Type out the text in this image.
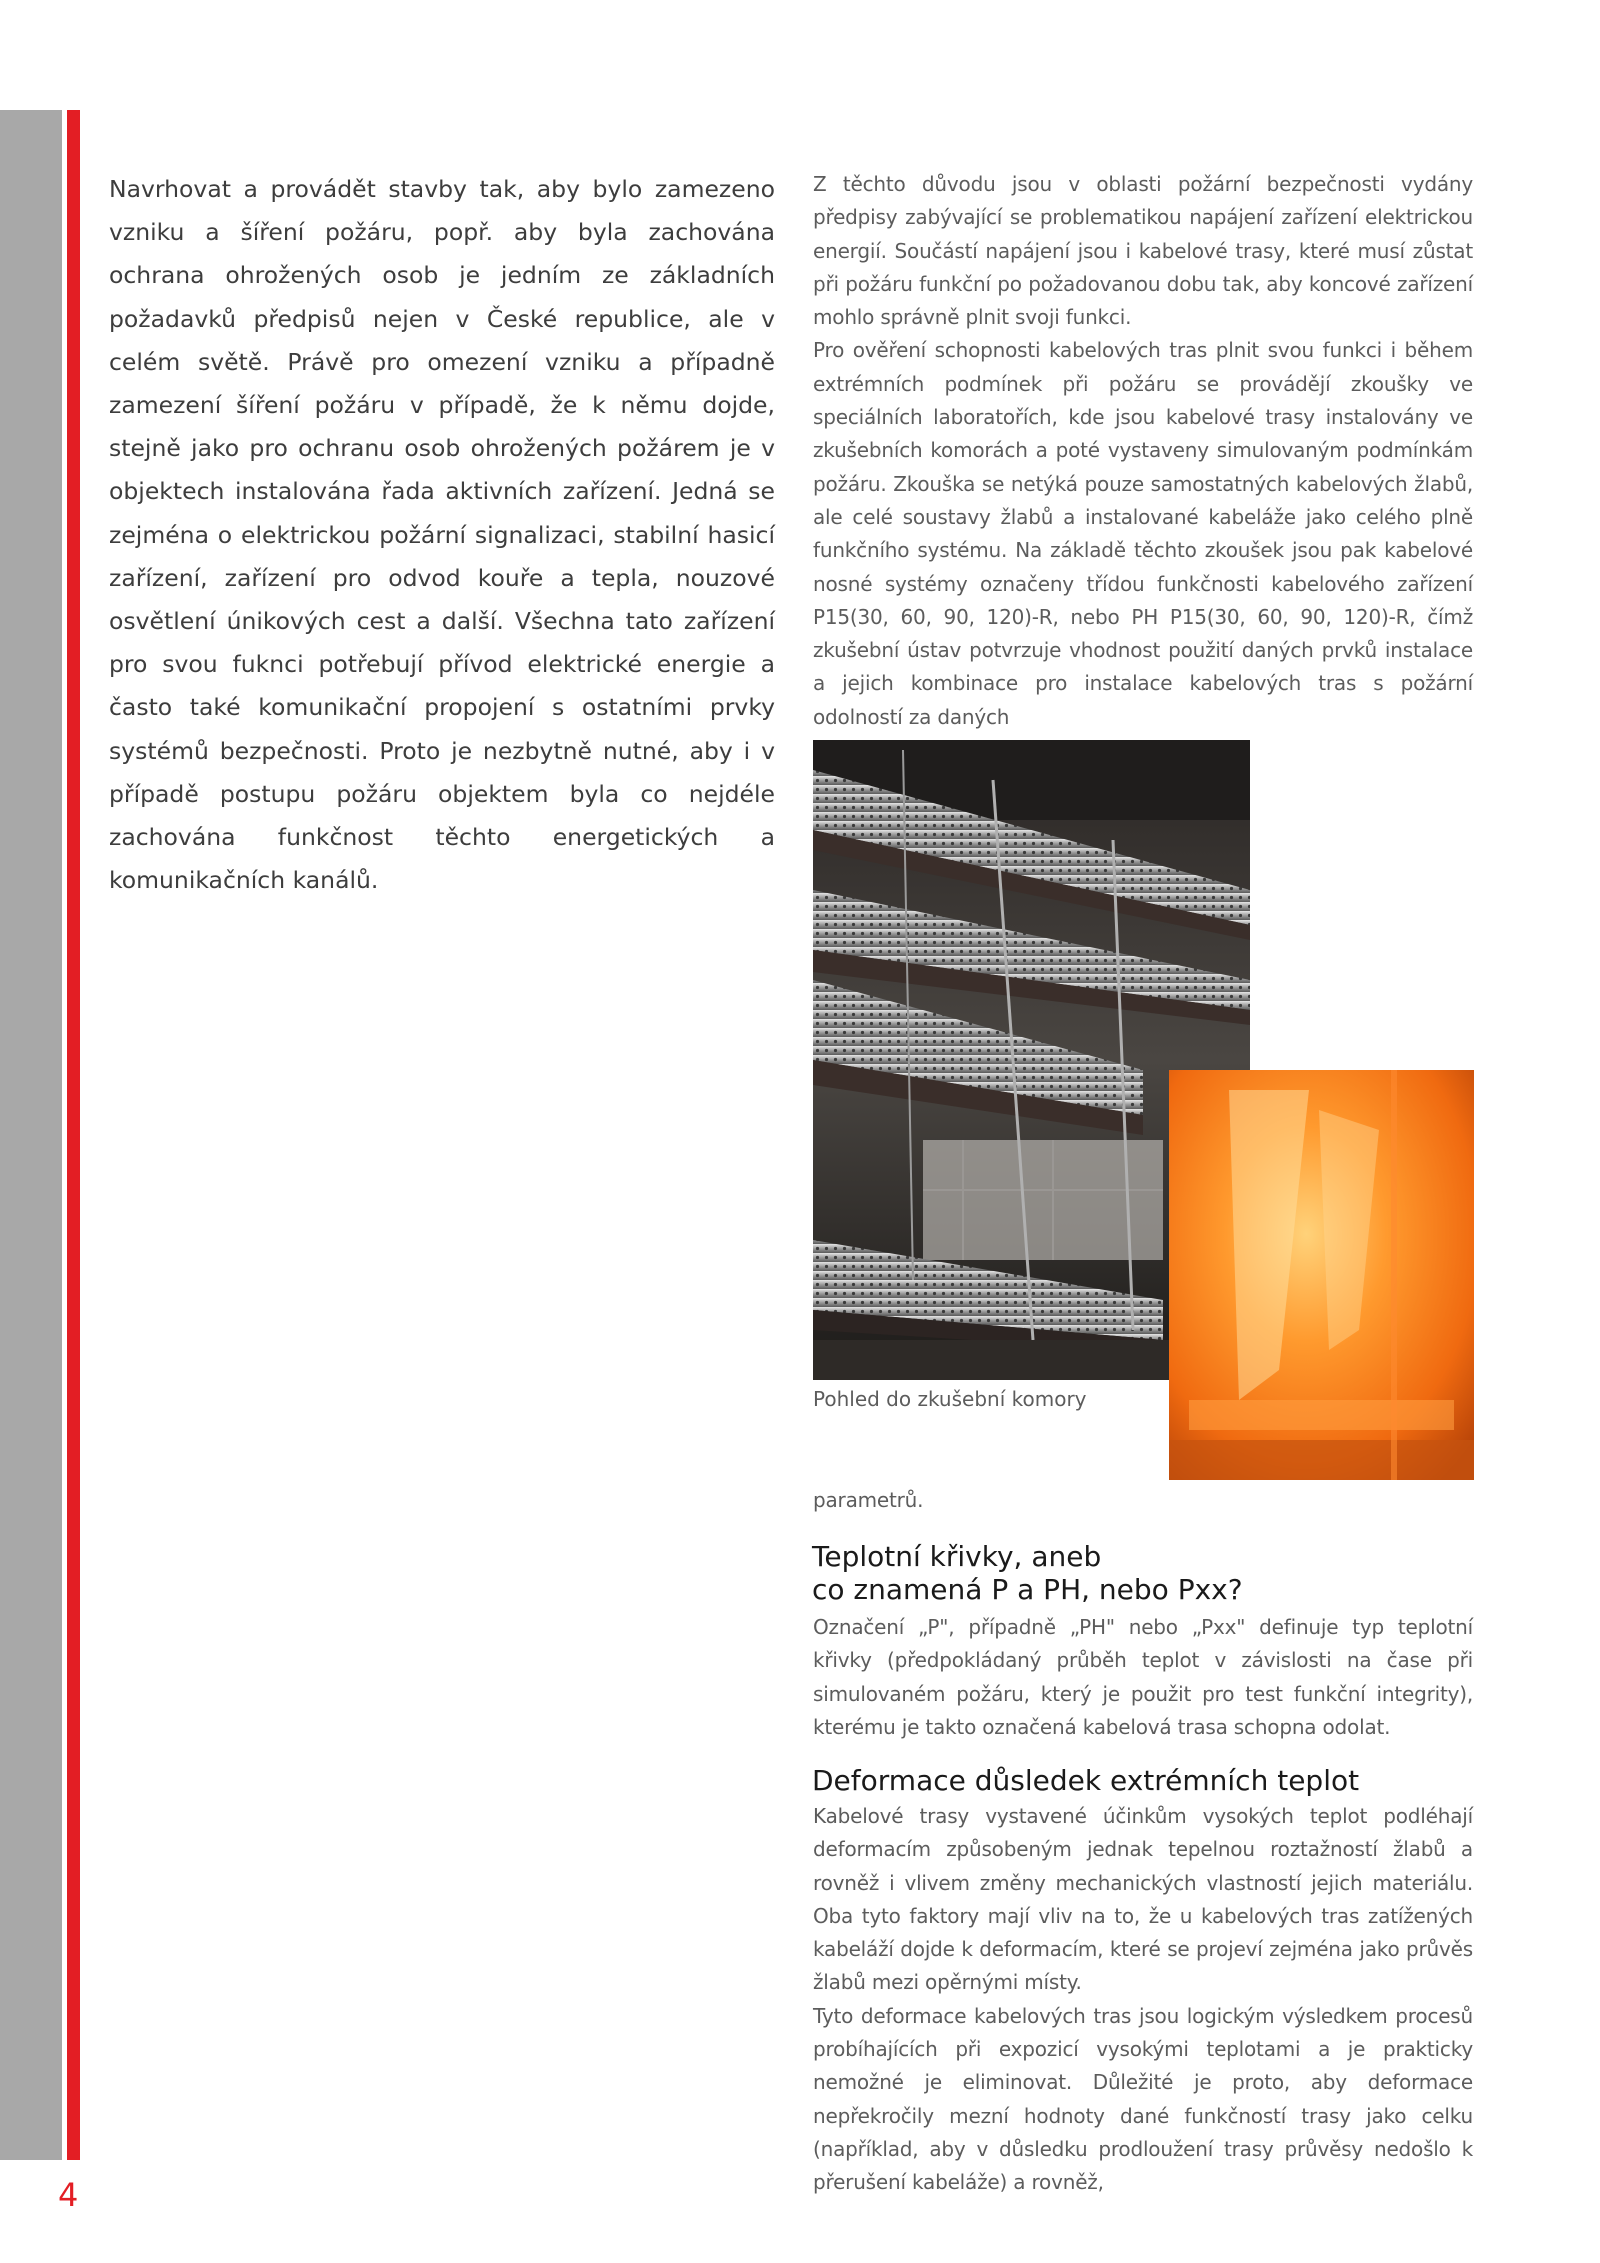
Navrhovat a provádět stavby tak, aby bylo zamezeno vzniku a šíření požáru, popř. aby byla zachována ochrana ohrožených osob je jedním ze základních požadavků předpisů nejen v České republice, ale v celém světě. Právě pro omezení vzniku a případně zamezení šíření požáru v případě, že k němu dojde, stejně jako pro ochranu osob ohrožených požárem je v objektech instalována řada aktivních zařízení. Jedná se zejména o elektrickou požární signalizaci, stabilní hasicí zařízení, zařízení pro odvod kouře a tepla, nouzové osvětlení únikových cest a další. Všechna tato zařízení pro svou fuknci potřebují přívod elektrické energie a často také komunikační propojení s ostatními prvky systémů bezpečnosti. Proto je nezbytně nutné, aby i v případě postupu požáru objektem byla co nejdéle zachována funkčnost těchto energetických a komunikačních kanálů.

Z těchto důvodu jsou v oblasti požární bezpečnosti vydány předpisy zabývající se problematikou napájení zařízení elektrickou energií. Součástí napájení jsou i kabelové trasy, které musí zůstat při požáru funkční po požadovanou dobu tak, aby koncové zařízení mohlo správně plnit svoji funkci.

Pro ověření schopnosti kabelových tras plnit svou funkci i během extrémních podmínek při požáru se provádějí zkoušky ve speciálních laboratořích, kde jsou kabelové trasy instalovány ve zkušebních komorách a poté vystaveny simulovaným podmínkám požáru. Zkouška se netýká pouze samostatných kabelových žlabů, ale celé soustavy žlabů a instalované kabeláže jako celého plně funkčního systému. Na základě těchto zkoušek jsou pak kabelové nosné systémy označeny třídou funkčnosti kabelového zařízení P15(30, 60, 90, 120)-R, nebo PH P15(30, 60, 90, 120)-R, čímž zkušební ústav potvrzuje vhodnost použití daných prvků instalace a jejich kombinace pro instalace kabelových tras s požární odolností za daných

Pohled do zkušební komory

parametrů.

Teplotní křivky, aneb
co znamená P a PH, nebo Pxx?

Označení „P", případně „PH" nebo „Pxx" definuje typ teplotní křivky (předpokládaný průběh teplot v závislosti na čase při simulovaném požáru, který je použit pro test funkční integrity), kterému je takto označená kabelová trasa schopna odolat.

Deformace důsledek extrémních teplot

Kabelové trasy vystavené účinkům vysokých teplot podléhají deformacím způsobeným jednak tepelnou roztažností žlabů a rovněž i vlivem změny mechanických vlastností jejich materiálu. Oba tyto faktory mají vliv na to, že u kabelových tras zatížených kabeláží dojde k deformacím, které se projeví zejména jako průvěs žlabů mezi opěrnými místy.

Tyto deformace kabelových tras jsou logickým výsledkem procesů probíhajících při expozicí vysokými teplotami a je prakticky nemožné je eliminovat. Důležité je proto, aby deformace nepřekročily mezní hodnoty dané funkčností trasy jako celku (například, aby v důsledku prodloužení trasy průvěsy nedošlo k přerušení kabeláže) a rovněž,

4
